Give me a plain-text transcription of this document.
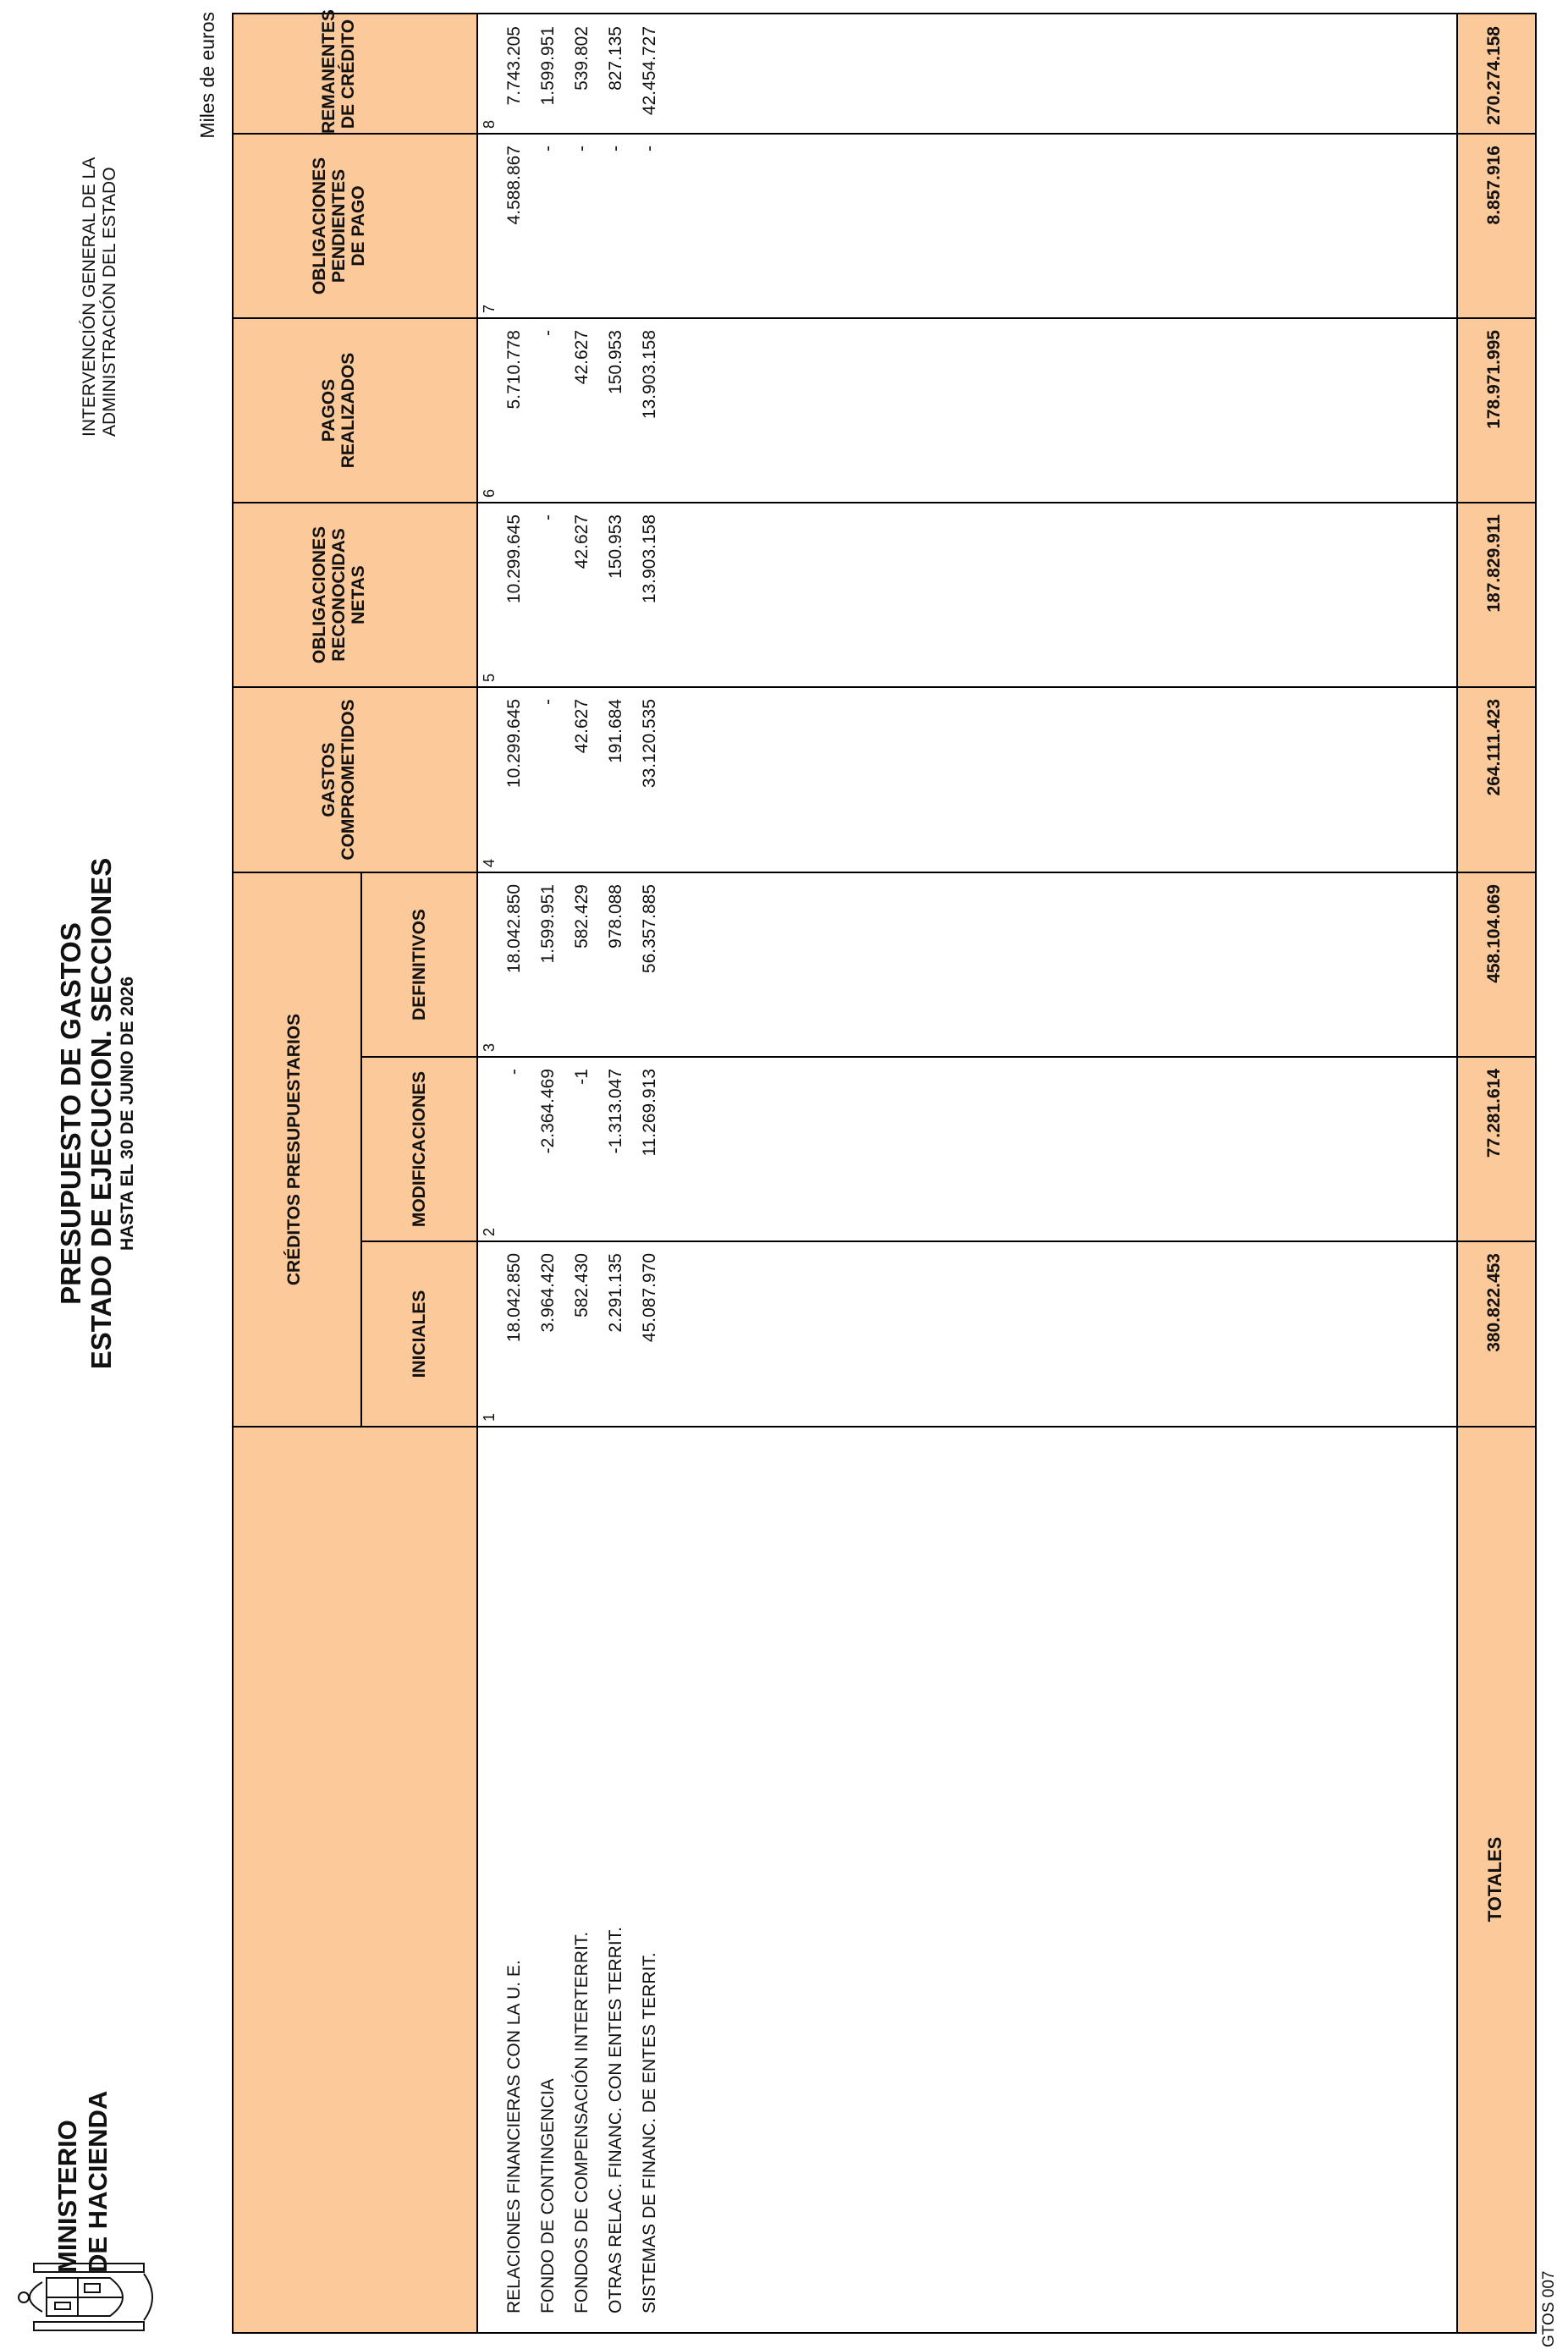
MINISTERIO DE HACIENDA
PRESUPUESTO DE GASTOS ESTADO DE EJECUCION. SECCIONES HASTA EL 30 DE JUNIO DE 2026
INTERVENCIÓN GENERAL DE LA ADMINISTRACIÓN DEL ESTADO
Miles de euros
CRÉDITOS PRESUPUESTARIOS
INICIALES
1
MODIFICACIONES
2
DEFINITIVOS
3
GASTOS COMPROMETIDOS
4
OBLIGACIONES RECONOCIDAS NETAS
5
PAGOS REALIZADOS
6
OBLIGACIONES PENDIENTES DE PAGO
7
REMANENTES DE CRÉDITO	8
RELACIONES FINANCIERAS CON LA U. E.
18.042.850
-
18.042.850
10.299.645
10.299.645
5.710.778
4.588.867
7.743.205
FONDO DE CONTINGENCIA
3.964.420
-2.364.469
1.599.951
-
-
-
-
1.599.951
FONDOS DE COMPENSACIÓN INTERTERRIT.
582.430
-1
582.429
42.627
42.627
42.627
-
539.802
OTRAS RELAC. FINANC. CON ENTES TERRIT.
2.291.135
-1.313.047
978.088
191.684
150.953
150.953
-
827.135
SISTEMAS DE FINANC. DE ENTES TERRIT.
45.087.970
11.269.913
56.357.885
33.120.535
13.903.158
13.903.158
-
42.454.727
TOTALES
380.822.453
77.281.614
458.104.069
264.111.423
187.829.911
178.971.995
8.857.916
270.274.158
GTOS 007
